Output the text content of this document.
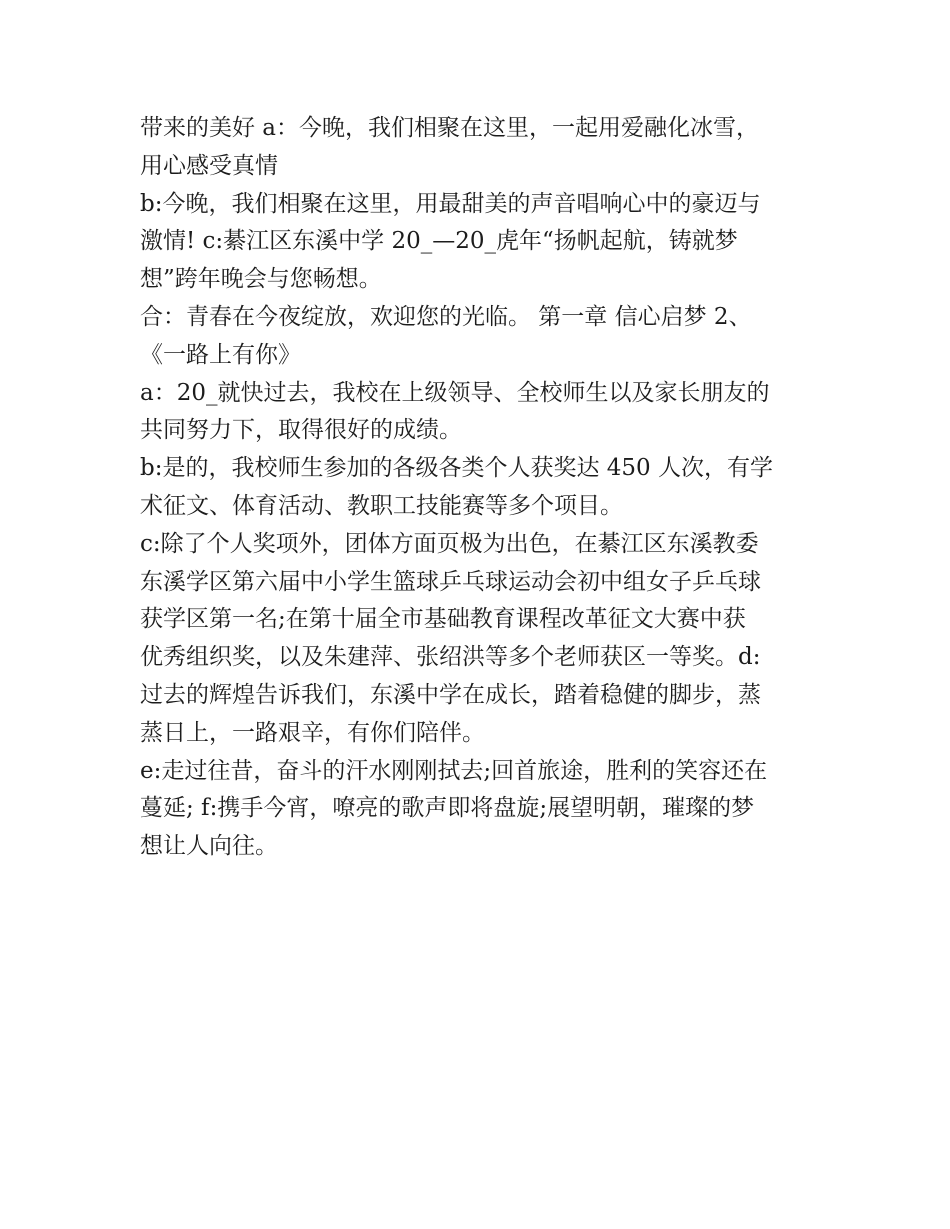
带来的美好 a：今晚，我们相聚在这里，一起用爱融化冰雪，
用心感受真情

b:今晚，我们相聚在这里，用最甜美的声音唱响心中的豪迈与
激情! c:綦江区东溪中学 20_—20_虎年“扬帆起航，铸就梦
想”跨年晚会与您畅想。

合：青春在今夜绽放，欢迎您的光临。 第一章 信心启梦 2、
《一路上有你》

a：20_就快过去，我校在上级领导、全校师生以及家长朋友的
共同努力下，取得很好的成绩。

b:是的，我校师生参加的各级各类个人获奖达 450 人次，有学
术征文、体育活动、教职工技能赛等多个项目。

c:除了个人奖项外，团体方面页极为出色，在綦江区东溪教委
东溪学区第六届中小学生篮球乒乓球运动会初中组女子乒乓球
获学区第一名;在第十届全市基础教育课程改革征文大赛中获
优秀组织奖，以及朱建萍、张绍洪等多个老师获区一等奖。d:
过去的辉煌告诉我们，东溪中学在成长，踏着稳健的脚步，蒸
蒸日上，一路艰辛，有你们陪伴。

e:走过往昔，奋斗的汗水刚刚拭去;回首旅途，胜利的笑容还在
蔓延; f:携手今宵，嘹亮的歌声即将盘旋;展望明朝，璀璨的梦
想让人向往。
